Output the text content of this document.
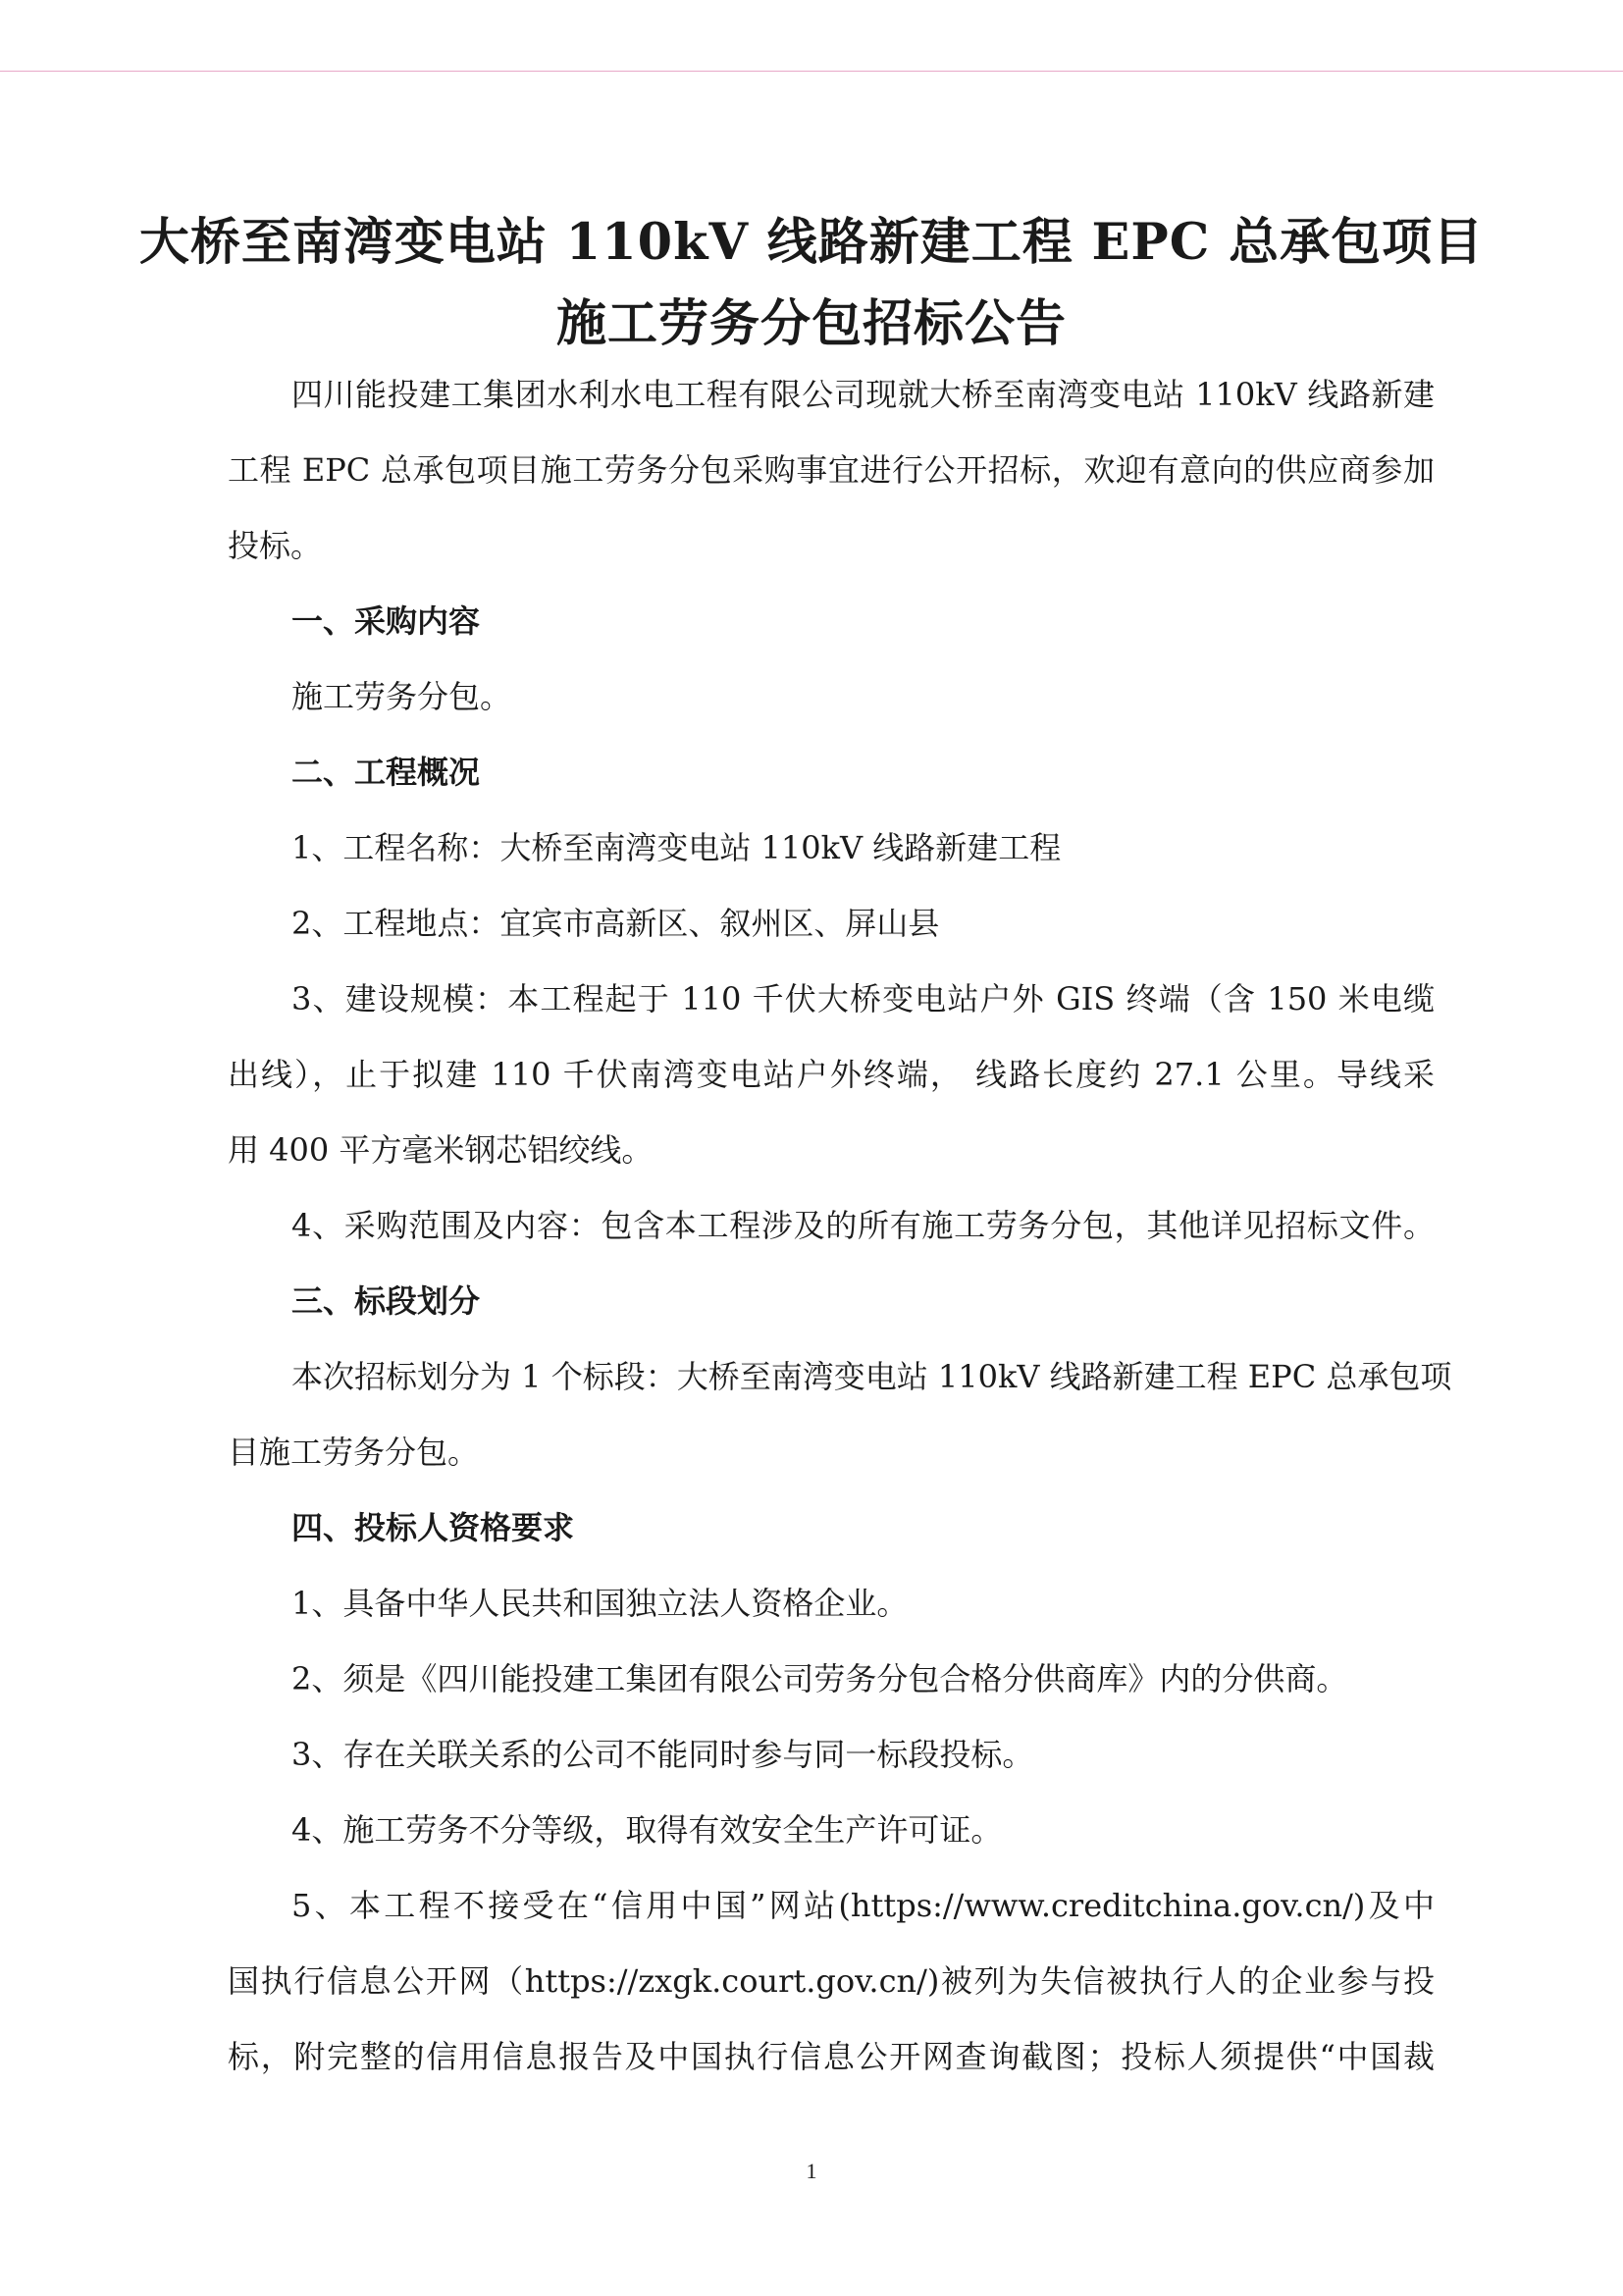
大桥至南湾变电站 110kV 线路新建工程 EPC 总承包项目
施工劳务分包招标公告
四川能投建工集团水利水电工程有限公司现就大桥至南湾变电站 110kV 线路新建
工程 EPC 总承包项目施工劳务分包采购事宜进行公开招标，欢迎有意向的供应商参加
投标。
一、采购内容
施工劳务分包。
二、工程概况
1、工程名称：大桥至南湾变电站 110kV 线路新建工程
2、工程地点：宜宾市高新区、叙州区、屏山县
3、建设规模：本工程起于 110 千伏大桥变电站户外 GIS 终端（含 150 米电缆
出线），止于拟建 110 千伏南湾变电站户外终端， 线路长度约 27.1 公里。导线采
用 400 平方毫米钢芯铝绞线。
4、采购范围及内容：包含本工程涉及的所有施工劳务分包，其他详见招标文件。
三、标段划分
本次招标划分为 1 个标段：大桥至南湾变电站 110kV 线路新建工程 EPC 总承包项
目施工劳务分包。
四、投标人资格要求
1、具备中华人民共和国独立法人资格企业。
2、须是《四川能投建工集团有限公司劳务分包合格分供商库》内的分供商。
3、存在关联关系的公司不能同时参与同一标段投标。
4、施工劳务不分等级，取得有效安全生产许可证。
5、本工程不接受在“信用中国”网站(https://www.creditchina.gov.cn/)及中
国执行信息公开网（https://zxgk.court.gov.cn/)被列为失信被执行人的企业参与投
标，附完整的信用信息报告及中国执行信息公开网查询截图；投标人须提供“中国裁
1
